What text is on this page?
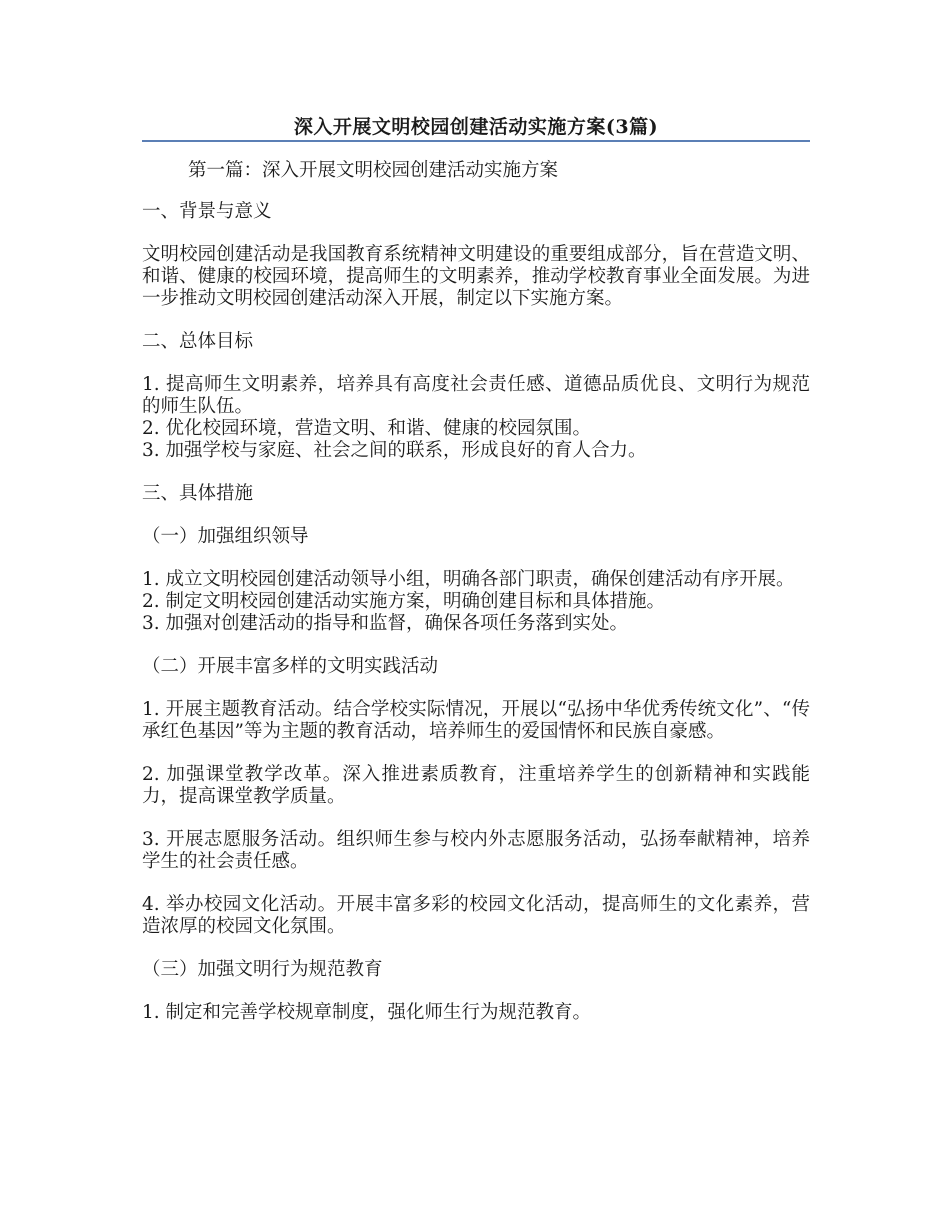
深入开展文明校园创建活动实施方案(3篇)

第一篇：深入开展文明校园创建活动实施方案

一、背景与意义

文明校园创建活动是我国教育系统精神文明建设的重要组成部分，旨在营造文明、和谐、健康的校园环境，提高师生的文明素养，推动学校教育事业全面发展。为进一步推动文明校园创建活动深入开展，制定以下实施方案。

二、总体目标

1. 提高师生文明素养，培养具有高度社会责任感、道德品质优良、文明行为规范的师生队伍。

2. 优化校园环境，营造文明、和谐、健康的校园氛围。

3. 加强学校与家庭、社会之间的联系，形成良好的育人合力。

三、具体措施

（一）加强组织领导

1. 成立文明校园创建活动领导小组，明确各部门职责，确保创建活动有序开展。

2. 制定文明校园创建活动实施方案，明确创建目标和具体措施。

3. 加强对创建活动的指导和监督，确保各项任务落到实处。

（二）开展丰富多样的文明实践活动

1. 开展主题教育活动。结合学校实际情况，开展以“弘扬中华优秀传统文化”、“传承红色基因”等为主题的教育活动，培养师生的爱国情怀和民族自豪感。

2. 加强课堂教学改革。深入推进素质教育，注重培养学生的创新精神和实践能力，提高课堂教学质量。

3. 开展志愿服务活动。组织师生参与校内外志愿服务活动，弘扬奉献精神，培养学生的社会责任感。

4. 举办校园文化活动。开展丰富多彩的校园文化活动，提高师生的文化素养，营造浓厚的校园文化氛围。

（三）加强文明行为规范教育

1. 制定和完善学校规章制度，强化师生行为规范教育。
